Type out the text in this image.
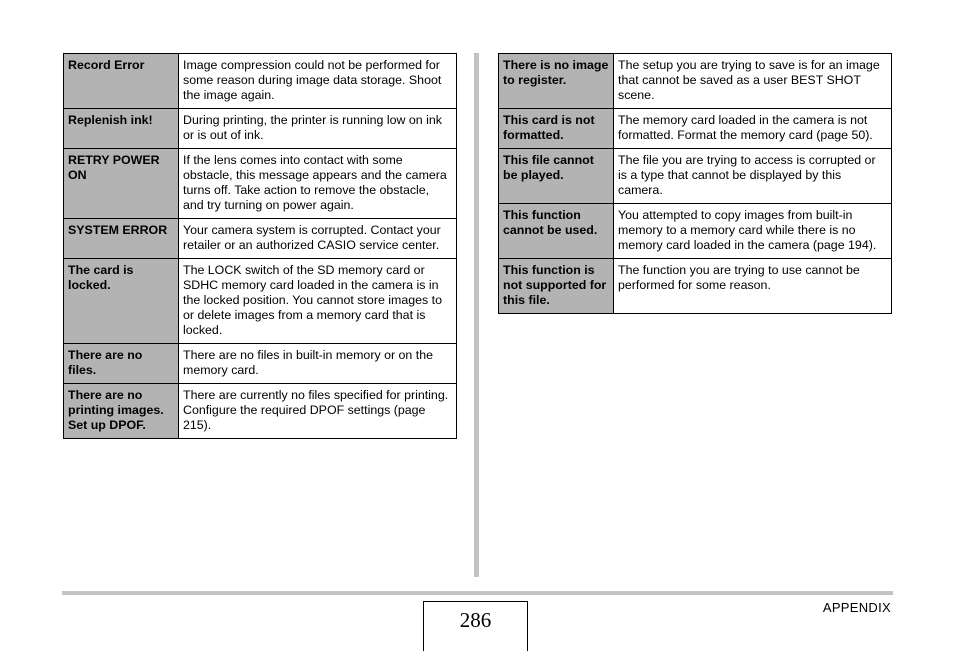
Record Error	Image compression could not be performed for some reason during image data storage. Shoot the image again.
Replenish ink!	During printing, the printer is running low on ink or is out of ink.
RETRY POWER ON	If the lens comes into contact with some obstacle, this message appears and the camera turns off. Take action to remove the obstacle, and try turning on power again.
SYSTEM ERROR	Your camera system is corrupted. Contact your retailer or an authorized CASIO service center.
The card is locked.	The LOCK switch of the SD memory card or SDHC memory card loaded in the camera is in the locked position. You cannot store images to or delete images from a memory card that is locked.
There are no files.	There are no files in built-in memory or on the memory card.
There are no printing images. Set up DPOF.	There are currently no files specified for printing. Configure the required DPOF settings (page 215).
There is no image to register.	The setup you are trying to save is for an image that cannot be saved as a user BEST SHOT scene.
This card is not formatted.	The memory card loaded in the camera is not formatted. Format the memory card (page 50).
This file cannot be played.	The file you are trying to access is corrupted or is a type that cannot be displayed by this camera.
This function cannot be used.	You attempted to copy images from built-in memory to a memory card while there is no memory card loaded in the camera (page 194).
This function is not supported for this file.	The function you are trying to use cannot be performed for some reason.
286
APPENDIX
